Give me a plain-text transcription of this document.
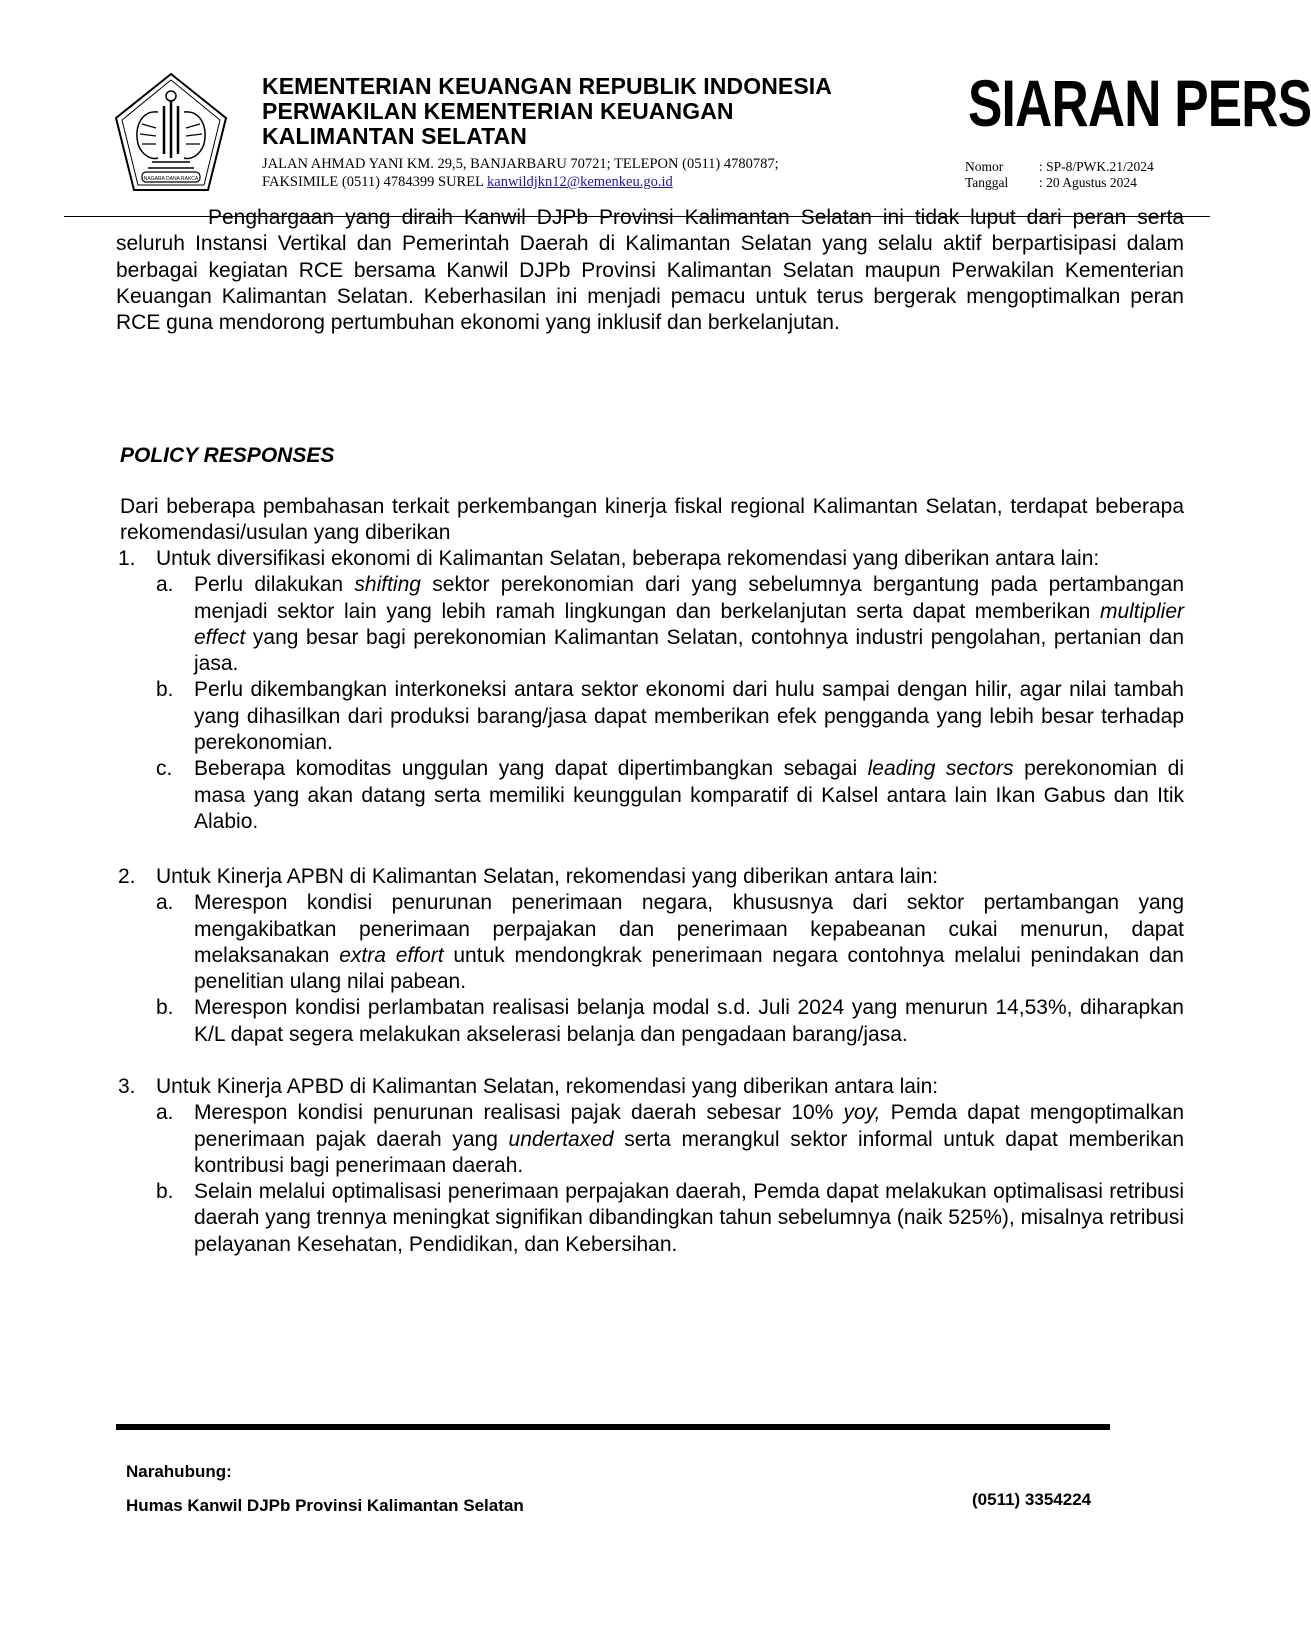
NAGARA DANA RAKCA
KEMENTERIAN KEUANGAN REPUBLIK INDONESIA
PERWAKILAN KEMENTERIAN KEUANGAN
KALIMANTAN SELATAN
JALAN AHMAD YANI KM. 29,5, BANJARBARU 70721; TELEPON (0511) 4780787;
FAKSIMILE (0511) 4784399 SUREL kanwildjkn12@kemenkeu.go.id
SIARAN PERS
Nomor	: SP-8/PWK.21/2024
Tanggal	: 20 Agustus 2024
Penghargaan yang diraih Kanwil DJPb Provinsi Kalimantan Selatan ini tidak luput dari peran serta seluruh Instansi Vertikal dan Pemerintah Daerah di Kalimantan Selatan yang selalu aktif berpartisipasi dalam berbagai kegiatan RCE bersama Kanwil DJPb Provinsi Kalimantan Selatan maupun Perwakilan Kementerian Keuangan Kalimantan Selatan. Keberhasilan ini menjadi pemacu untuk terus bergerak mengoptimalkan peran RCE guna mendorong pertumbuhan ekonomi yang inklusif dan berkelanjutan.
POLICY RESPONSES
Dari beberapa pembahasan terkait perkembangan kinerja fiskal regional Kalimantan Selatan, terdapat beberapa rekomendasi/usulan yang diberikan
1. Untuk diversifikasi ekonomi di Kalimantan Selatan, beberapa rekomendasi yang diberikan antara lain:
a. Perlu dilakukan shifting sektor perekonomian dari yang sebelumnya bergantung pada pertambangan menjadi sektor lain yang lebih ramah lingkungan dan berkelanjutan serta dapat memberikan multiplier effect yang besar bagi perekonomian Kalimantan Selatan, contohnya industri pengolahan, pertanian dan jasa.
b. Perlu dikembangkan interkoneksi antara sektor ekonomi dari hulu sampai dengan hilir, agar nilai tambah yang dihasilkan dari produksi barang/jasa dapat memberikan efek pengganda yang lebih besar terhadap perekonomian.
c.	Beberapa komoditas unggulan yang dapat dipertimbangkan sebagai leading sectors perekonomian di masa yang akan datang serta memiliki keunggulan komparatif di Kalsel antara lain Ikan Gabus dan Itik Alabio.
2. Untuk Kinerja APBN di Kalimantan Selatan, rekomendasi yang diberikan antara lain:
a. Merespon kondisi penurunan penerimaan negara, khususnya dari sektor pertambangan yang mengakibatkan penerimaan perpajakan dan penerimaan kepabeanan cukai menurun, dapat melaksanakan extra effort untuk mendongkrak penerimaan negara contohnya melalui penindakan dan penelitian ulang nilai pabean.
b. Merespon kondisi perlambatan realisasi belanja modal s.d. Juli 2024 yang menurun 14,53%, diharapkan K/L dapat segera melakukan akselerasi belanja dan pengadaan barang/jasa.
3. Untuk Kinerja APBD di Kalimantan Selatan, rekomendasi yang diberikan antara lain:
a. Merespon kondisi penurunan realisasi pajak daerah sebesar 10% yoy, Pemda dapat mengoptimalkan penerimaan pajak daerah yang undertaxed serta merangkul sektor informal untuk dapat memberikan kontribusi bagi penerimaan daerah.
b. Selain melalui optimalisasi penerimaan perpajakan daerah, Pemda dapat melakukan optimalisasi retribusi daerah yang trennya meningkat signifikan dibandingkan tahun sebelumnya (naik 525%), misalnya retribusi pelayanan Kesehatan, Pendidikan, dan Kebersihan.
Narahubung:
Humas Kanwil DJPb Provinsi Kalimantan Selatan	(0511) 3354224
